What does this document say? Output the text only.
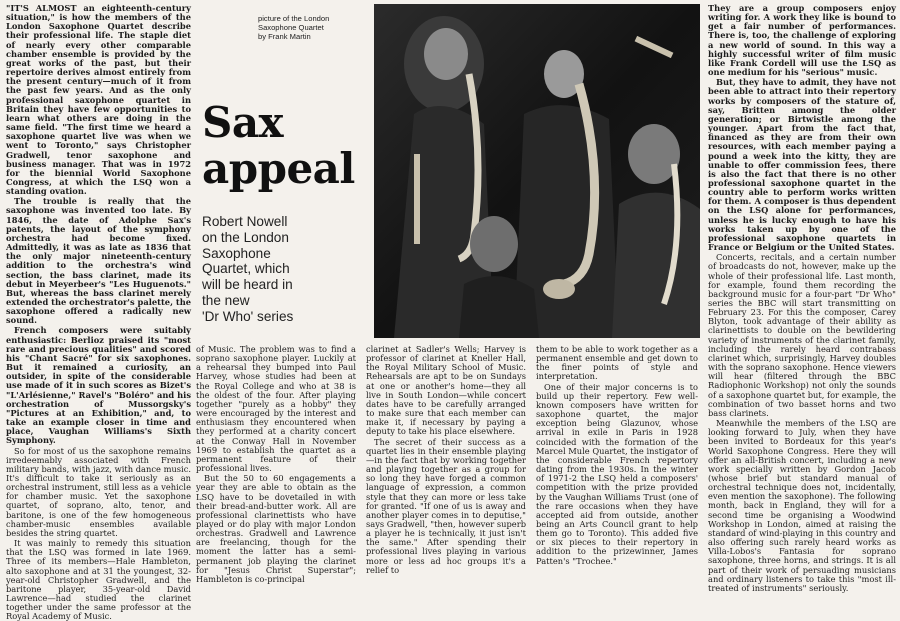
"IT'S ALMOST an eighteenth-century situation," is how the members of the London Saxophone Quartet describe their professional life. The staple diet of nearly every other comparable chamber ensemble is provided by the great works of the past, but their repertoire derives almost entirely from the present century—much of it from the past few years. And as the only professional saxophone quartet in Britain they have few opportunities to learn what others are doing in the same field. "The first time we heard a saxophone quartet live was when we went to Toronto," says Christopher Gradwell, tenor saxophone and business manager. That was in 1972 for the biennial World Saxophone Congress, at which the LSQ won a standing ovation.

The trouble is really that the saxophone was invented too late. By 1846, the date of Adolphe Sax's patents, the layout of the symphony orchestra had become fixed. Admittedly, it was as late as 1836 that the only major nineteenth-century addition to the orchestra's wind section, the bass clarinet, made its debut in Meyerbeer's "Les Huguenots." But, whereas the bass clarinet merely extended the orchestrator's palette, the saxophone offered a radically new sound.

French composers were suitably enthusiastic: Berlioz praised its "most rare and precious qualities" and scored his "Chant Sacré" for six saxophones. But it remained a curiosity, an outsider, in spite of the considerable use made of it in such scores as Bizet's "L'Arlésienne," Ravel's "Boléro" and his orchestration of Mussorgsky's "Pictures at an Exhibition," and, to take an example closer in time and place, Vaughan Williams's Sixth Symphony.

So for most of us the saxophone remains irredeemably associated with French military bands, with jazz, with dance music. It's difficult to take it seriously as an orchestral instrument, still less as a vehicle for chamber music. Yet the saxophone quartet, of soprano, alto, tenor, and baritone, is one of the few homogeneous chamber-music ensembles available besides the string quartet.

It was mainly to remedy this situation that the LSQ was formed in late 1969. Three of its members—Hale Hambleton, alto saxophone and at 31 the youngest, 32-year-old Christopher Gradwell, and the baritone player, 35-year-old David Lawrence—had studied the clarinet together under the same professor at the Royal Academy of Music.

picture of the London
Saxophone Quartet
by Frank Martin
Sax
appeal
Robert Nowell
on the London
Saxophone
Quartet, which
will be heard in
the new
'Dr Who' series

of Music. The problem was to find a soprano saxophone player. Luckily at a rehearsal they bumped into Paul Harvey, whose studies had been at the Royal College and who at 38 is the oldest of the four. After playing together "purely as a hobby" they were encouraged by the interest and enthusiasm they encountered when they performed at a charity concert at the Conway Hall in November 1969 to establish the quartet as a permanent feature of their professional lives.

But the 50 to 60 engagements a year they are able to obtain as the LSQ have to be dovetailed in with their bread-and-butter work. All are professional clarinettists who have played or do play with major London orchestras. Gradwell and Lawrence are freelancing, though for the moment the latter has a semi-permanent job playing the clarinet for "Jesus Christ Superstar"; Hambleton is co-principal

clarinet at Sadler's Wells; Harvey is professor of clarinet at Kneller Hall, the Royal Military School of Music. Rehearsals are apt to be on Sundays at one or another's home—they all live in South London—while concert dates have to be carefully arranged to make sure that each member can make it, if necessary by paying a deputy to take his place elsewhere.

The secret of their success as a quartet lies in their ensemble playing—in the fact that by working together and playing together as a group for so long they have forged a common language of expression, a common style that they can more or less take for granted. "If one of us is away and another player comes in to deputise," says Gradwell, "then, however superb a player he is technically, it just isn't the same." After spending their professional lives playing in various more or less ad hoc groups it's a relief to

them to be able to work together as a permanent ensemble and get down to the finer points of style and interpretation.

One of their major concerns is to build up their repertory. Few well-known composers have written for saxophone quartet, the major exception being Glazunov, whose arrival in exile in Paris in 1928 coincided with the formation of the Marcel Mule Quartet, the instigator of the considerable French repertory dating from the 1930s. In the winter of 1971-2 the LSQ held a composers' competition with the prize provided by the Vaughan Williams Trust (one of the rare occasions when they have accepted aid from outside, another being an Arts Council grant to help them go to Toronto). This added five or six pieces to their repertory in addition to the prizewinner, James Patten's "Trochee."

They are a group composers enjoy writing for. A work they like is bound to get a fair number of performances. There is, too, the challenge of exploring a new world of sound. In this way a highly successful writer of film music like Frank Cordell will use the LSQ as one medium for his "serious" music.

But, they have to admit, they have not been able to attract into their repertory works by composers of the stature of, say, Britten among the older generation; or Birtwistle among the younger. Apart from the fact that, financed as they are from their own resources, with each member paying a pound a week into the kitty, they are unable to offer commission fees, there is also the fact that there is no other professional saxophone quartet in the country able to perform works written for them. A composer is thus dependent on the LSQ alone for performances, unless he is lucky enough to have his works taken up by one of the professional saxophone quartets in France or Belgium or the United States.

Concerts, recitals, and a certain number of broadcasts do not, however, make up the whole of their professional life. Last month, for example, found them recording the background music for a four-part "Dr Who" series the BBC will start transmitting on February 23. For this the composer, Carey Blyton, took advantage of their ability as clarinettists to double on the bewildering variety of instruments of the clarinet family, including the rarely heard contrabass clarinet which, surprisingly, Harvey doubles with the soprano saxophone. Hence viewers will hear (filtered through the BBC Radiophonic Workshop) not only the sounds of a saxophone quartet but, for example, the combination of two basset horns and two bass clarinets.

Meanwhile the members of the LSQ are looking forward to July, when they have been invited to Bordeaux for this year's World Saxophone Congress. Here they will offer an all-British concert, including a new work specially written by Gordon Jacob (whose brief but standard manual of orchestral technique does not, incidentally, even mention the saxophone). The following month, back in England, they will for a second time be organising a Woodwind Workshop in London, aimed at raising the standard of wind-playing in this country and also offering such rarely heard works as Villa-Lobos's Fantasia for soprano saxophone, three horns, and strings. It is all part of their work of persuading musicians and ordinary listeners to take this "most ill-treated of instruments" seriously.
